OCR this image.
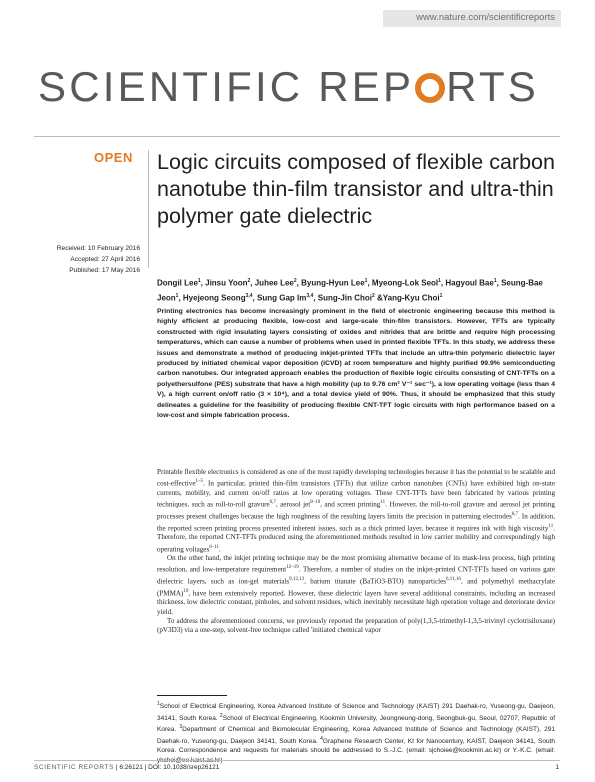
www.nature.com/scientificreports
SCIENTIFIC REP RTS
OPEN Logic circuits composed of flexible carbon nanotube thin-film transistor and ultra-thin polymer gate dielectric
Received: 10 February 2016
Accepted: 27 April 2016
Published: 17 May 2016

Dongil Lee$^1$, Jinsu Yoon$^2$, Juhee Lee$^2$, Byung-Hyun Lee$^1$, Myeong-Lok Seol$^1$, Hagyoul Bae$^1$, Seung-Bae Jeon$^1$, Hyejeong Seong$^{3,4}$, Sung Gap Im$^{3,4}$, Sung-Jin Choi$^2$ &Yang-Kyu Choi$^1$

Printing electronics has become increasingly prominent in the field of electronic engineering because this method is highly efficient at producing flexible, low-cost and large-scale thin-film transistors. However, TFTs are typically constructed with rigid insulating layers consisting of oxides and nitrides that are brittle and require high processing temperatures, which can cause a number of problems when used in printed flexible TFTs. In this study, we address these issues and demonstrate a method of producing inkjet-printed TFTs that include an ultra-thin polymeric dielectric layer produced by initiated chemical vapor deposition (iCVD) at room temperature and highly purified 99.9% semiconducting carbon nanotubes. Our integrated approach enables the production of flexible logic circuits consisting of CNT-TFTs on a polyethersulfone (PES) substrate that have a high mobility (up to 9.76 cm² V⁻¹ sec⁻¹), a low operating voltage (less than 4 V), a high current on/off ratio (3 × 10⁴), and a total device yield of 90%. Thus, it should be emphasized that this study delineates a guideline for the feasibility of producing flexible CNT-TFT logic circuits with high performance based on a low-cost and simple fabrication process.

Printable flexible electronics is considered as one of the most rapidly developing technologies because it has the potential to be scalable and cost-effective$^{1-5}$. In particular, printed thin-film transistors (TFTs) that utilize carbon nanotubes (CNTs) have exhibited high on-state currents, mobility, and current on/off ratios at low operating voltages. These CNT-TFTs have been fabricated by various printing techniques, such as roll-to-roll gravure$^{6,7}$, aerosol jet$^{8-10}$, and screen printing$^{11}$. However, the roll-to-roll gravure and aerosol jet printing processes present challenges because the high roughness of the resulting layers limits the precision in patterning electrodes$^{6,7}$. In addition, the reported screen printing process presented inherent issues, such as a thick printed layer, because it requires ink with high viscosity$^{11}$. Therefore, the reported CNT-TFTs produced using the aforementioned methods resulted in low carrier mobility and correspondingly high operating voltages$^{6-11}$.

On the other hand, the inkjet printing technique may be the most promising alternative because of its mask-less process, high printing resolution, and low-temperature requirement$^{12-19}$. Therefore, a number of studies on the inkjet-printed CNT-TFTs based on various gate dielectric layers, such as ion-gel materials$^{9,12,13}$, barium titanate (BaTiO3-BTO) nanoparticles$^{6,11,16}$, and polymethyl methacrylate (PMMA)$^{19}$, have been extensively reported. However, these dielectric layers have several additional constraints, including an increased thickness, low dielectric constant, pinholes, and solvent residues, which inevitably necessitate high operation voltage and deteriorate device yield.

To address the aforementioned concerns, we previously reported the preparation of poly(1,3,5-trimethyl-1,3,5-trivinyl cyclotrisiloxane) (pV3D3) via a one-step, solvent-free technique called 'initiated chemical vapor

$^1$School of Electrical Engineering, Korea Advanced Institute of Science and Technology (KAIST) 291 Daehak-ro, Yuseong-gu, Daejeon, 34141, South Korea. $^2$School of Electrical Engineering, Kookmin University, Jeongneung-dong, Seongbuk-gu, Seoul, 02707, Republic of Korea. $^3$Department of Chemical and Biomolecular Engineering, Korea Advanced Institute of Science and Technology (KAIST), 291 Daehak-ro, Yuseong-gu, Daejeon 34141, South Korea. $^4$Graphene Research Center, KI for Nanocentury, KAIST, Daejeon 34141, South Korea. Correspondence and requests for materials should be addressed to S.-J.C. (email: sjchoiee@kookmin.ac.kr) or Y.-K.C. (email: ykchoi@ee.kaist.ac.kr)

SCIENTIFIC REPORTS | 6:26121 | DOI: 10.1038/srep26121	1
